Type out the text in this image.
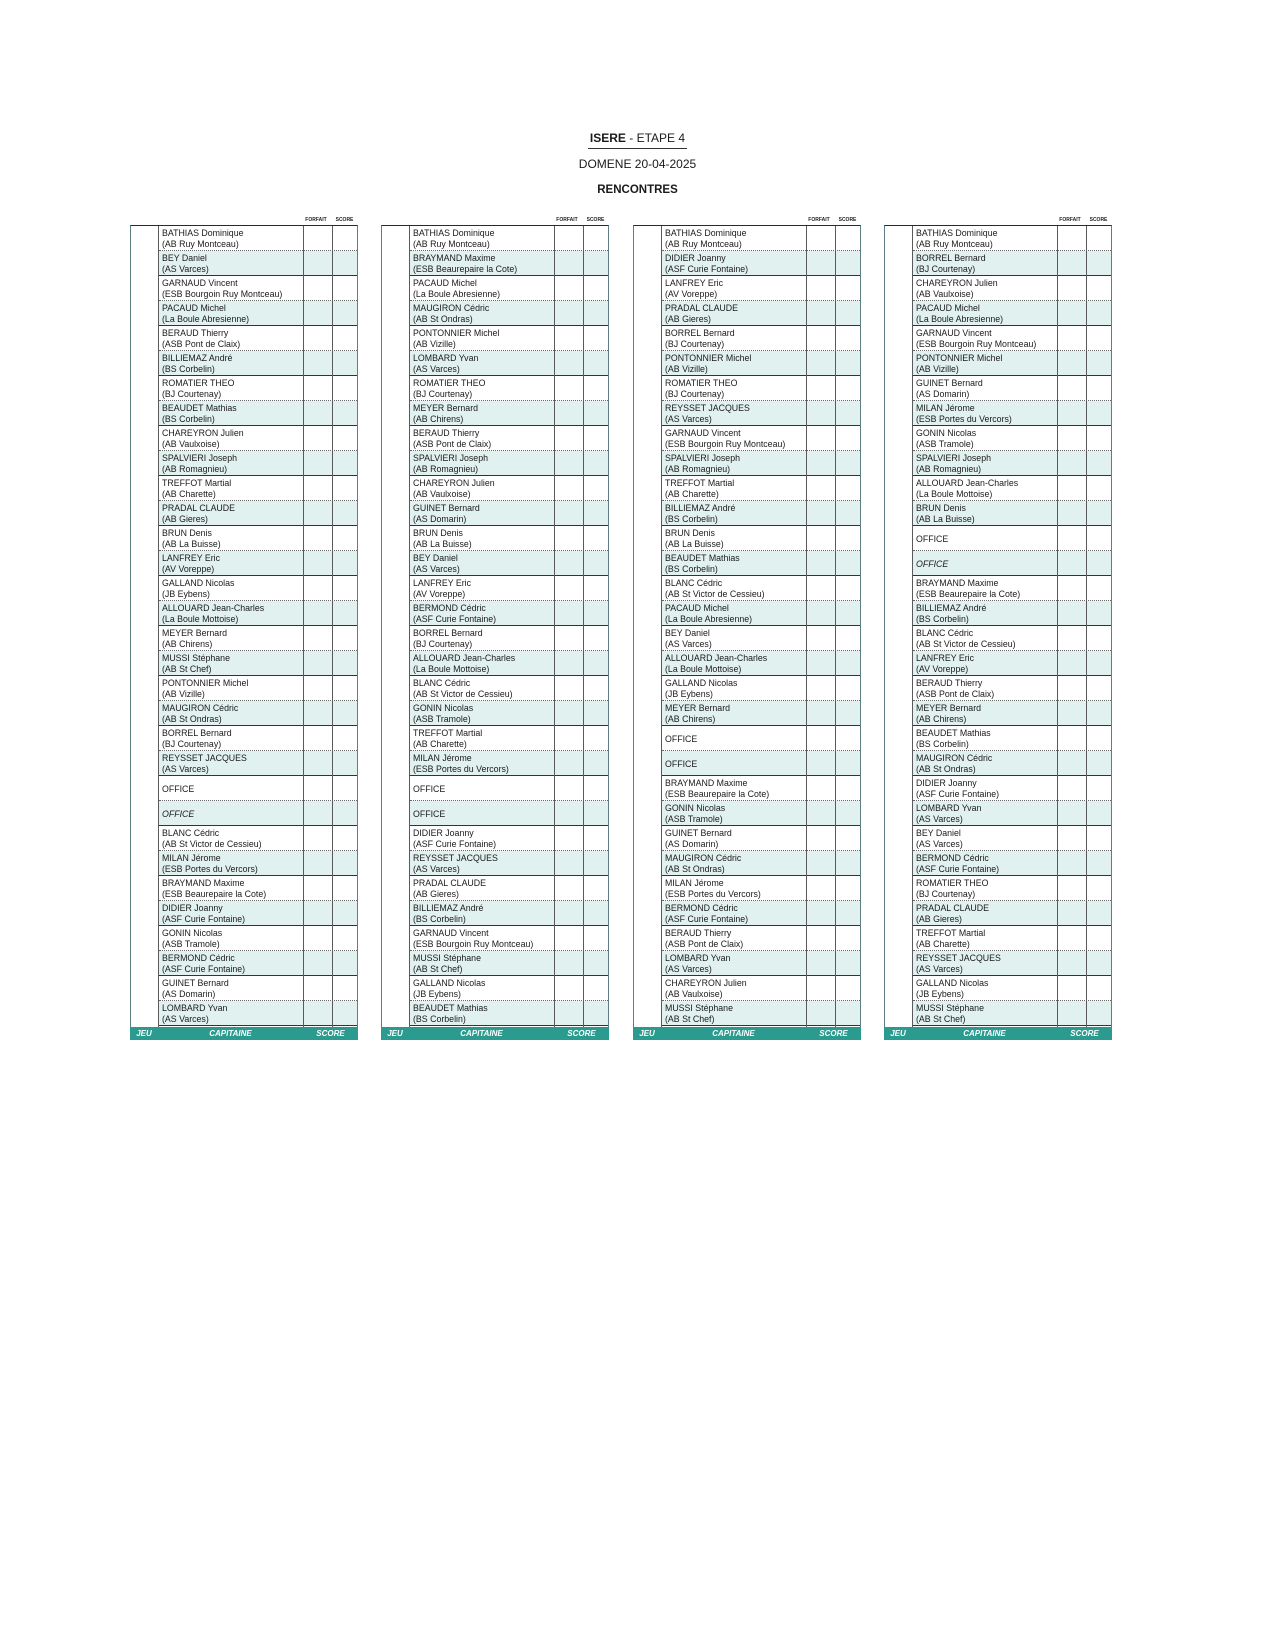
ISERE - ETAPE 4
DOMENE 20-04-2025
RENCONTRES
FORFAIT	SCORE
BATHIAS Dominique
(AB Ruy Montceau)
BEY Daniel
(AS Varces)
GARNAUD Vincent
(ESB Bourgoin Ruy Montceau)
PACAUD Michel
(La Boule Abresienne)
BERAUD Thierry
(ASB Pont de Claix)
BILLIEMAZ André
(BS Corbelin)
ROMATIER THEO
(BJ Courtenay)
BEAUDET Mathias
(BS Corbelin)
CHAREYRON Julien
(AB Vaulxoise)
SPALVIERI Joseph
(AB Romagnieu)
TREFFOT Martial
(AB Charette)
PRADAL CLAUDE
(AB Gieres)
BRUN Denis
(AB La Buisse)
LANFREY Eric
(AV Voreppe)
GALLAND Nicolas
(JB Eybens)
ALLOUARD Jean-Charles
(La Boule Mottoise)
MEYER Bernard
(AB Chirens)
MUSSI Stéphane
(AB St Chef)
PONTONNIER Michel
(AB Vizille)
MAUGIRON Cédric
(AB St Ondras)
BORREL Bernard
(BJ Courtenay)
REYSSET JACQUES
(AS Varces)
OFFICE
OFFICE
BLANC Cédric
(AB St Victor de Cessieu)
MILAN Jérome
(ESB Portes du Vercors)
BRAYMAND Maxime
(ESB Beaurepaire la Cote)
DIDIER Joanny
(ASF Curie Fontaine)
GONIN Nicolas
(ASB Tramole)
BERMOND Cédric
(ASF Curie Fontaine)
GUINET Bernard
(AS Domarin)
LOMBARD Yvan
(AS Varces)
JEU	CAPITAINE	SCORE
FORFAIT	SCORE
BATHIAS Dominique
(AB Ruy Montceau)
BRAYMAND Maxime
(ESB Beaurepaire la Cote)
PACAUD Michel
(La Boule Abresienne)
MAUGIRON Cédric
(AB St Ondras)
PONTONNIER Michel
(AB Vizille)
LOMBARD Yvan
(AS Varces)
ROMATIER THEO
(BJ Courtenay)
MEYER Bernard
(AB Chirens)
BERAUD Thierry
(ASB Pont de Claix)
SPALVIERI Joseph
(AB Romagnieu)
CHAREYRON Julien
(AB Vaulxoise)
GUINET Bernard
(AS Domarin)
BRUN Denis
(AB La Buisse)
BEY Daniel
(AS Varces)
LANFREY Eric
(AV Voreppe)
BERMOND Cédric
(ASF Curie Fontaine)
BORREL Bernard
(BJ Courtenay)
ALLOUARD Jean-Charles
(La Boule Mottoise)
BLANC Cédric
(AB St Victor de Cessieu)
GONIN Nicolas
(ASB Tramole)
TREFFOT Martial
(AB Charette)
MILAN Jérome
(ESB Portes du Vercors)
OFFICE
OFFICE
DIDIER Joanny
(ASF Curie Fontaine)
REYSSET JACQUES
(AS Varces)
PRADAL CLAUDE
(AB Gieres)
BILLIEMAZ André
(BS Corbelin)
GARNAUD Vincent
(ESB Bourgoin Ruy Montceau)
MUSSI Stéphane
(AB St Chef)
GALLAND Nicolas
(JB Eybens)
BEAUDET Mathias
(BS Corbelin)
JEU	CAPITAINE	SCORE
FORFAIT	SCORE
BATHIAS Dominique
(AB Ruy Montceau)
DIDIER Joanny
(ASF Curie Fontaine)
LANFREY Eric
(AV Voreppe)
PRADAL CLAUDE
(AB Gieres)
BORREL Bernard
(BJ Courtenay)
PONTONNIER Michel
(AB Vizille)
ROMATIER THEO
(BJ Courtenay)
REYSSET JACQUES
(AS Varces)
GARNAUD Vincent
(ESB Bourgoin Ruy Montceau)
SPALVIERI Joseph
(AB Romagnieu)
TREFFOT Martial
(AB Charette)
BILLIEMAZ André
(BS Corbelin)
BRUN Denis
(AB La Buisse)
BEAUDET Mathias
(BS Corbelin)
BLANC Cédric
(AB St Victor de Cessieu)
PACAUD Michel
(La Boule Abresienne)
BEY Daniel
(AS Varces)
ALLOUARD Jean-Charles
(La Boule Mottoise)
GALLAND Nicolas
(JB Eybens)
MEYER Bernard
(AB Chirens)
OFFICE
OFFICE
BRAYMAND Maxime
(ESB Beaurepaire la Cote)
GONIN Nicolas
(ASB Tramole)
GUINET Bernard
(AS Domarin)
MAUGIRON Cédric
(AB St Ondras)
MILAN Jérome
(ESB Portes du Vercors)
BERMOND Cédric
(ASF Curie Fontaine)
BERAUD Thierry
(ASB Pont de Claix)
LOMBARD Yvan
(AS Varces)
CHAREYRON Julien
(AB Vaulxoise)
MUSSI Stéphane
(AB St Chef)
JEU	CAPITAINE	SCORE
FORFAIT	SCORE
BATHIAS Dominique
(AB Ruy Montceau)
BORREL Bernard
(BJ Courtenay)
CHAREYRON Julien
(AB Vaulxoise)
PACAUD Michel
(La Boule Abresienne)
GARNAUD Vincent
(ESB Bourgoin Ruy Montceau)
PONTONNIER Michel
(AB Vizille)
GUINET Bernard
(AS Domarin)
MILAN Jérome
(ESB Portes du Vercors)
GONIN Nicolas
(ASB Tramole)
SPALVIERI Joseph
(AB Romagnieu)
ALLOUARD Jean-Charles
(La Boule Mottoise)
BRUN Denis
(AB La Buisse)
OFFICE
OFFICE
BRAYMAND Maxime
(ESB Beaurepaire la Cote)
BILLIEMAZ André
(BS Corbelin)
BLANC Cédric
(AB St Victor de Cessieu)
LANFREY Eric
(AV Voreppe)
BERAUD Thierry
(ASB Pont de Claix)
MEYER Bernard
(AB Chirens)
BEAUDET Mathias
(BS Corbelin)
MAUGIRON Cédric
(AB St Ondras)
DIDIER Joanny
(ASF Curie Fontaine)
LOMBARD Yvan
(AS Varces)
BEY Daniel
(AS Varces)
BERMOND Cédric
(ASF Curie Fontaine)
ROMATIER THEO
(BJ Courtenay)
PRADAL CLAUDE
(AB Gieres)
TREFFOT Martial
(AB Charette)
REYSSET JACQUES
(AS Varces)
GALLAND Nicolas
(JB Eybens)
MUSSI Stéphane
(AB St Chef)
JEU	CAPITAINE	SCORE
